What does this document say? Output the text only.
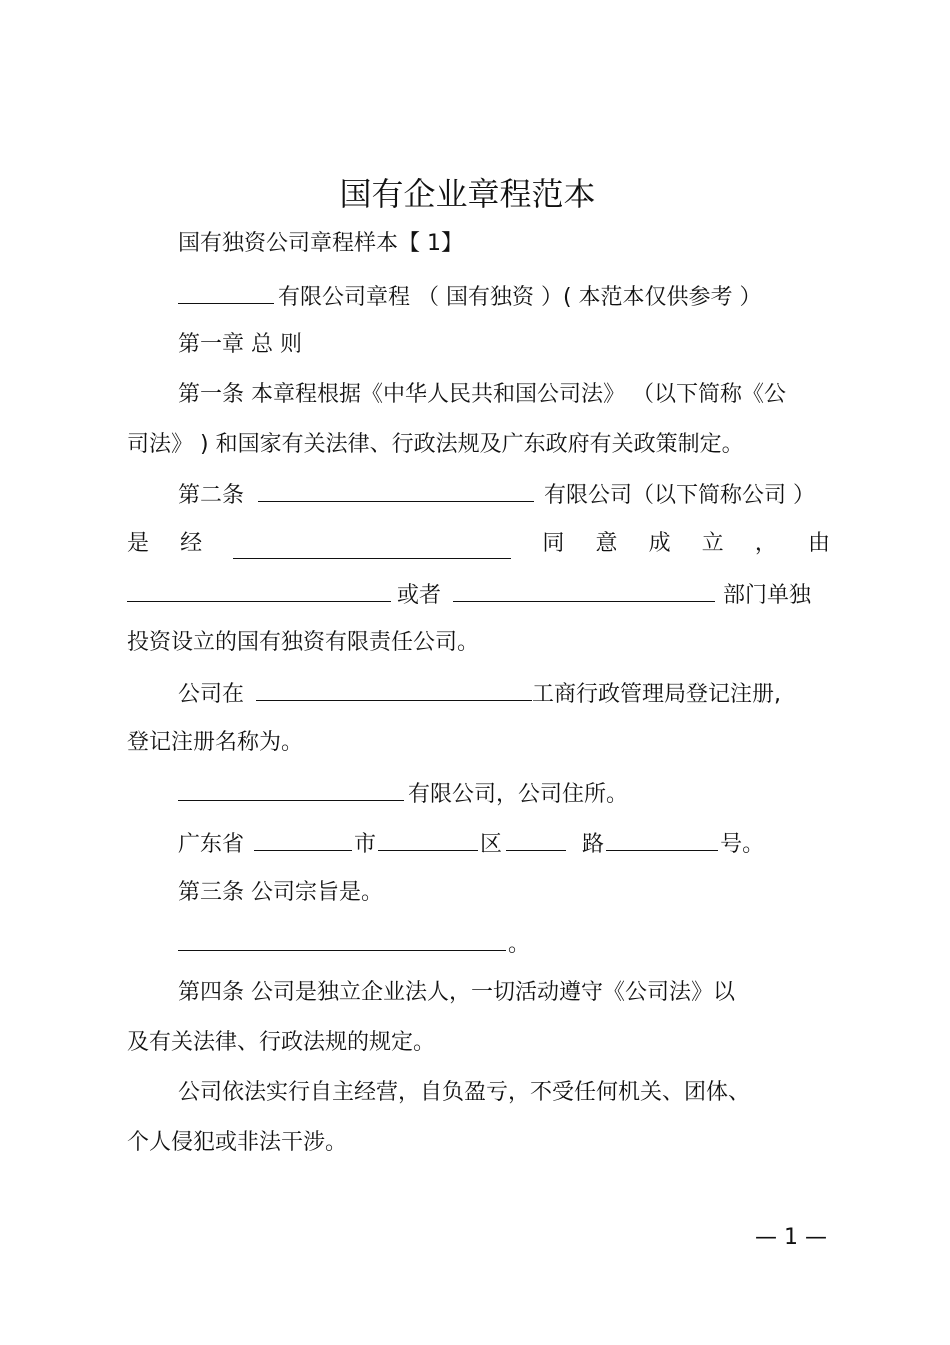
国有企业章程范本
国有独资公司章程样本【 1】
有限公司章程 （ 国有独资 ）( 本范本仅供参考 ）
第一章 总 则
第一条 本章程根据《中华人民共和国公司法》 （以下简称《公
司法》 ) 和国家有关法律、行政法规及广东政府有关政策制定。
第二条	有限公司（以下简称公司 ）
是 经	同 意 成 立 ， 由
或者	部门单独
投资设立的国有独资有限责任公司。
公司在	工商行政管理局登记注册,
登记注册名称为。
有限公司，公司住所。
广东省	市	区	路	号。
第三条 公司宗旨是。
。
第四条 公司是独立企业法人，一切活动遵守《公司法》以
及有关法律、行政法规的规定。
公司依法实行自主经营，自负盈亏，不受任何机关、团体、
个人侵犯或非法干涉。
— 1 —
